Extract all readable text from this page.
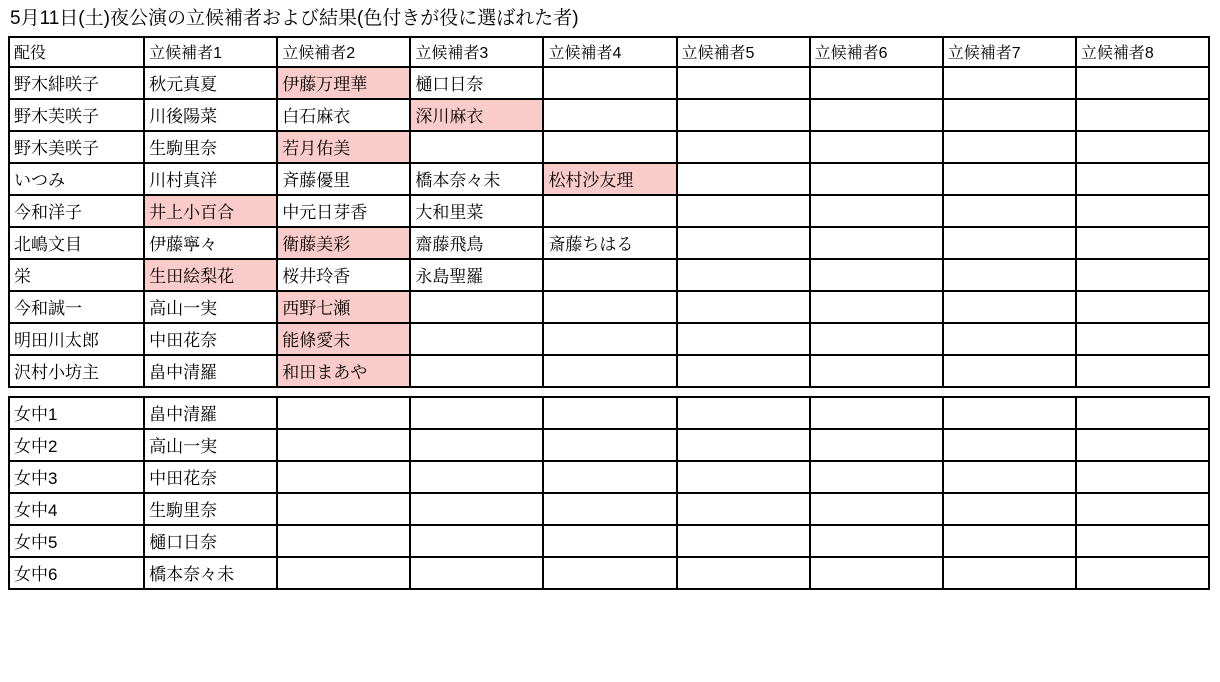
5月11日(土)夜公演の立候補者および結果(色付きが役に選ばれた者)
配役	立候補者1	立候補者2	立候補者3	立候補者4	立候補者5	立候補者6	立候補者7	立候補者8
野木緋咲子	秋元真夏	伊藤万理華	樋口日奈					
野木芙咲子	川後陽菜	白石麻衣	深川麻衣					
野木美咲子	生駒里奈	若月佑美						
いつみ	川村真洋	斉藤優里	橋本奈々未	松村沙友理				
今和洋子	井上小百合	中元日芽香	大和里菜					
北嶋文目	伊藤寧々	衛藤美彩	齋藤飛鳥	斎藤ちはる				
栄	生田絵梨花	桜井玲香	永島聖羅					
今和誠一	高山一実	西野七瀬						
明田川太郎	中田花奈	能條愛未						
沢村小坊主	畠中清羅	和田まあや						

女中1	畠中清羅							
女中2	高山一実							
女中3	中田花奈							
女中4	生駒里奈							
女中5	樋口日奈							
女中6	橋本奈々未							
